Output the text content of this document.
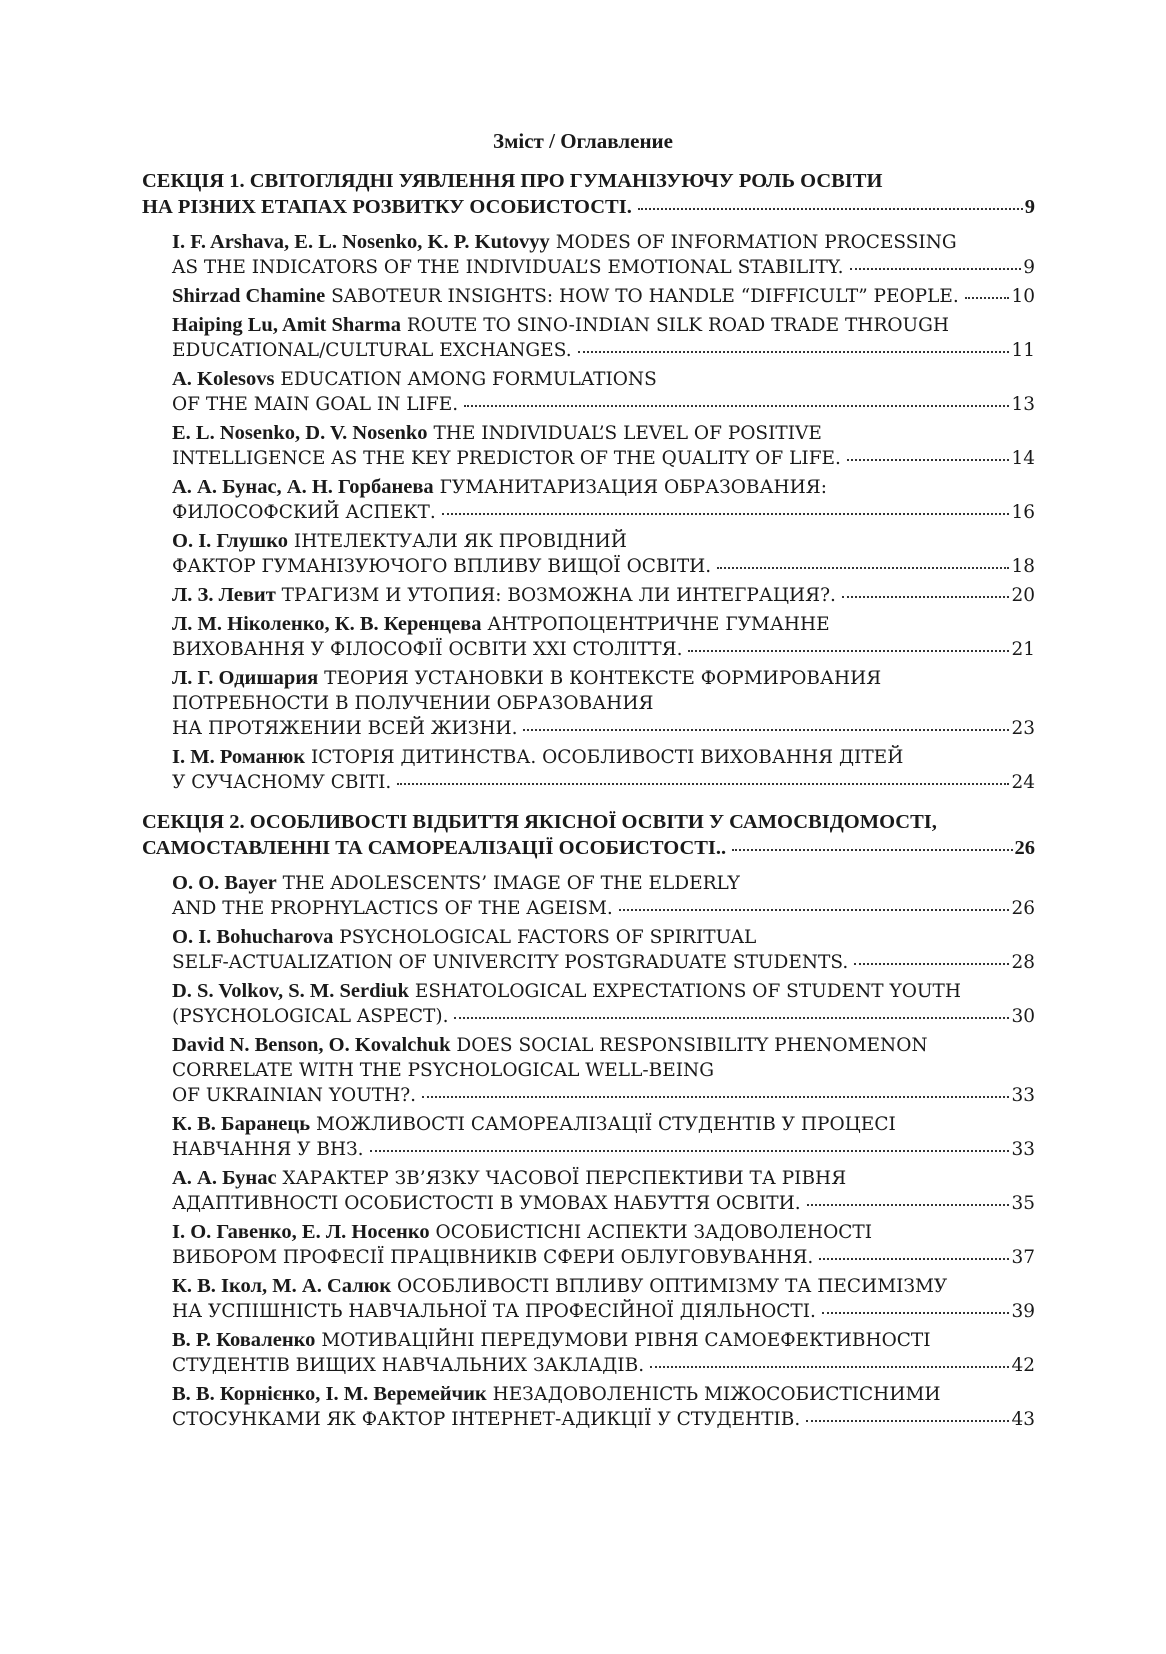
Зміст / Оглавление
СЕКЦІЯ 1. СВІТОГЛЯДНІ УЯВЛЕННЯ ПРО ГУМАНІЗУЮЧУ РОЛЬ ОСВІТИ
НА РІЗНИХ ЕТАПАХ РОЗВИТКУ ОСОБИСТОСТІ.	9
I. F. Arshava, E. L. Nosenko, K. P. Kutovyy MODES OF INFORMATION PROCESSING
AS THE INDICATORS OF THE INDIVIDUAL’S EMOTIONAL STABILITY.	9
Shirzad Chamine SABOTEUR INSIGHTS: HOW TO HANDLE “DIFFICULT” PEOPLE.	10
Haiping Lu, Amit Sharma ROUTE TO SINO-INDIAN SILK ROAD TRADE THROUGH
EDUCATIONAL/CULTURAL EXCHANGES.	11
A. Kolesovs EDUCATION AMONG FORMULATIONS
OF THE MAIN GOAL IN LIFE.	13
E. L. Nosenko, D. V. Nosenko THE INDIVIDUAL’S LEVEL OF POSITIVE
INTELLIGENCE AS THE KEY PREDICTOR OF THE QUALITY OF LIFE.	14
А. А. Бунас, А. Н. Горбанева ГУМАНИТАРИЗАЦИЯ ОБРАЗОВАНИЯ:
ФИЛОСОФСКИЙ АСПЕКТ.	16
О. І. Глушко ІНТЕЛЕКТУАЛИ ЯК ПРОВІДНИЙ
ФАКТОР ГУМАНІЗУЮЧОГО ВПЛИВУ ВИЩОЇ ОСВІТИ.	18
Л. З. Левит ТРАГИЗМ И УТОПИЯ: ВОЗМОЖНА ЛИ ИНТЕГРАЦИЯ?.	20
Л. М. Ніколенко, К. В. Керенцева АНТРОПОЦЕНТРИЧНЕ ГУМАННЕ
ВИХОВАННЯ У ФІЛОСОФІЇ ОСВІТИ ХХІ СТОЛІТТЯ.	21
Л. Г. Одишария ТЕОРИЯ УСТАНОВКИ В КОНТЕКСТЕ ФОРМИРОВАНИЯ
ПОТРЕБНОСТИ В ПОЛУЧЕНИИ ОБРАЗОВАНИЯ
НА ПРОТЯЖЕНИИ ВСЕЙ ЖИЗНИ.	23
І. М. Романюк ІСТОРІЯ ДИТИНСТВА. ОСОБЛИВОСТІ ВИХОВАННЯ ДІТЕЙ
У СУЧАСНОМУ СВІТІ.	24
СЕКЦІЯ 2. ОСОБЛИВОСТІ ВІДБИТТЯ ЯКІСНОЇ ОСВІТИ У САМОСВІДОМОСТІ,
САМОСТАВЛЕННІ ТА САМОРЕАЛІЗАЦІЇ ОСОБИСТОСТІ..	26
O. O. Bayer THE ADOLESCENTS’ IMAGE OF THE ELDERLY
AND THE PROPHYLACTICS OF THE AGEISM.	26
O. I. Bohucharova PSYCHOLOGICAL FACTORS OF SPIRITUAL
SELF-ACTUALIZATION OF UNIVERCITY POSTGRADUATE STUDENTS.	28
D. S. Volkov, S. M. Serdiuk ESHATOLOGICAL EXPECTATIONS OF STUDENT YOUTH
(PSYCHOLOGICAL ASPECT).	30
David N. Benson, O. Kovalchuk DOES SOCIAL RESPONSIBILITY PHENOMENON
CORRELATE WITH THE PSYCHOLOGICAL WELL-BEING
OF UKRAINIAN YOUTH?.	33
К. В. Баранець МОЖЛИВОСТІ САМОРЕАЛІЗАЦІЇ СТУДЕНТІВ У ПРОЦЕСІ
НАВЧАННЯ У ВНЗ.	33
А. А. Бунас ХАРАКТЕР ЗВ’ЯЗКУ ЧАСОВОЇ ПЕРСПЕКТИВИ ТА РІВНЯ
АДАПТИВНОСТІ ОСОБИСТОСТІ В УМОВАХ НАБУТТЯ ОСВІТИ.	35
І. О. Гавенко, Е. Л. Носенко ОСОБИСТІСНІ АСПЕКТИ ЗАДОВОЛЕНОСТІ
ВИБОРОМ ПРОФЕСІЇ ПРАЦІВНИКІВ СФЕРИ ОБЛУГОВУВАННЯ.	37
К. В. Ікол, М. А. Салюк ОСОБЛИВОСТІ ВПЛИВУ ОПТИМІЗМУ ТА ПЕСИМІЗМУ
НА УСПІШНІСТЬ НАВЧАЛЬНОЇ ТА ПРОФЕСІЙНОЇ ДІЯЛЬНОСТІ.	39
В. Р. Коваленко МОТИВАЦІЙНІ ПЕРЕДУМОВИ РІВНЯ САМОЕФЕКТИВНОСТІ
СТУДЕНТІВ ВИЩИХ НАВЧАЛЬНИХ ЗАКЛАДІВ.	42
В. В. Корнієнко, І. М. Веремейчик НЕЗАДОВОЛЕНІСТЬ МІЖОСОБИСТІСНИМИ
СТОСУНКАМИ ЯК ФАКТОР ІНТЕРНЕТ-АДИКЦІЇ У СТУДЕНТІВ.	43
